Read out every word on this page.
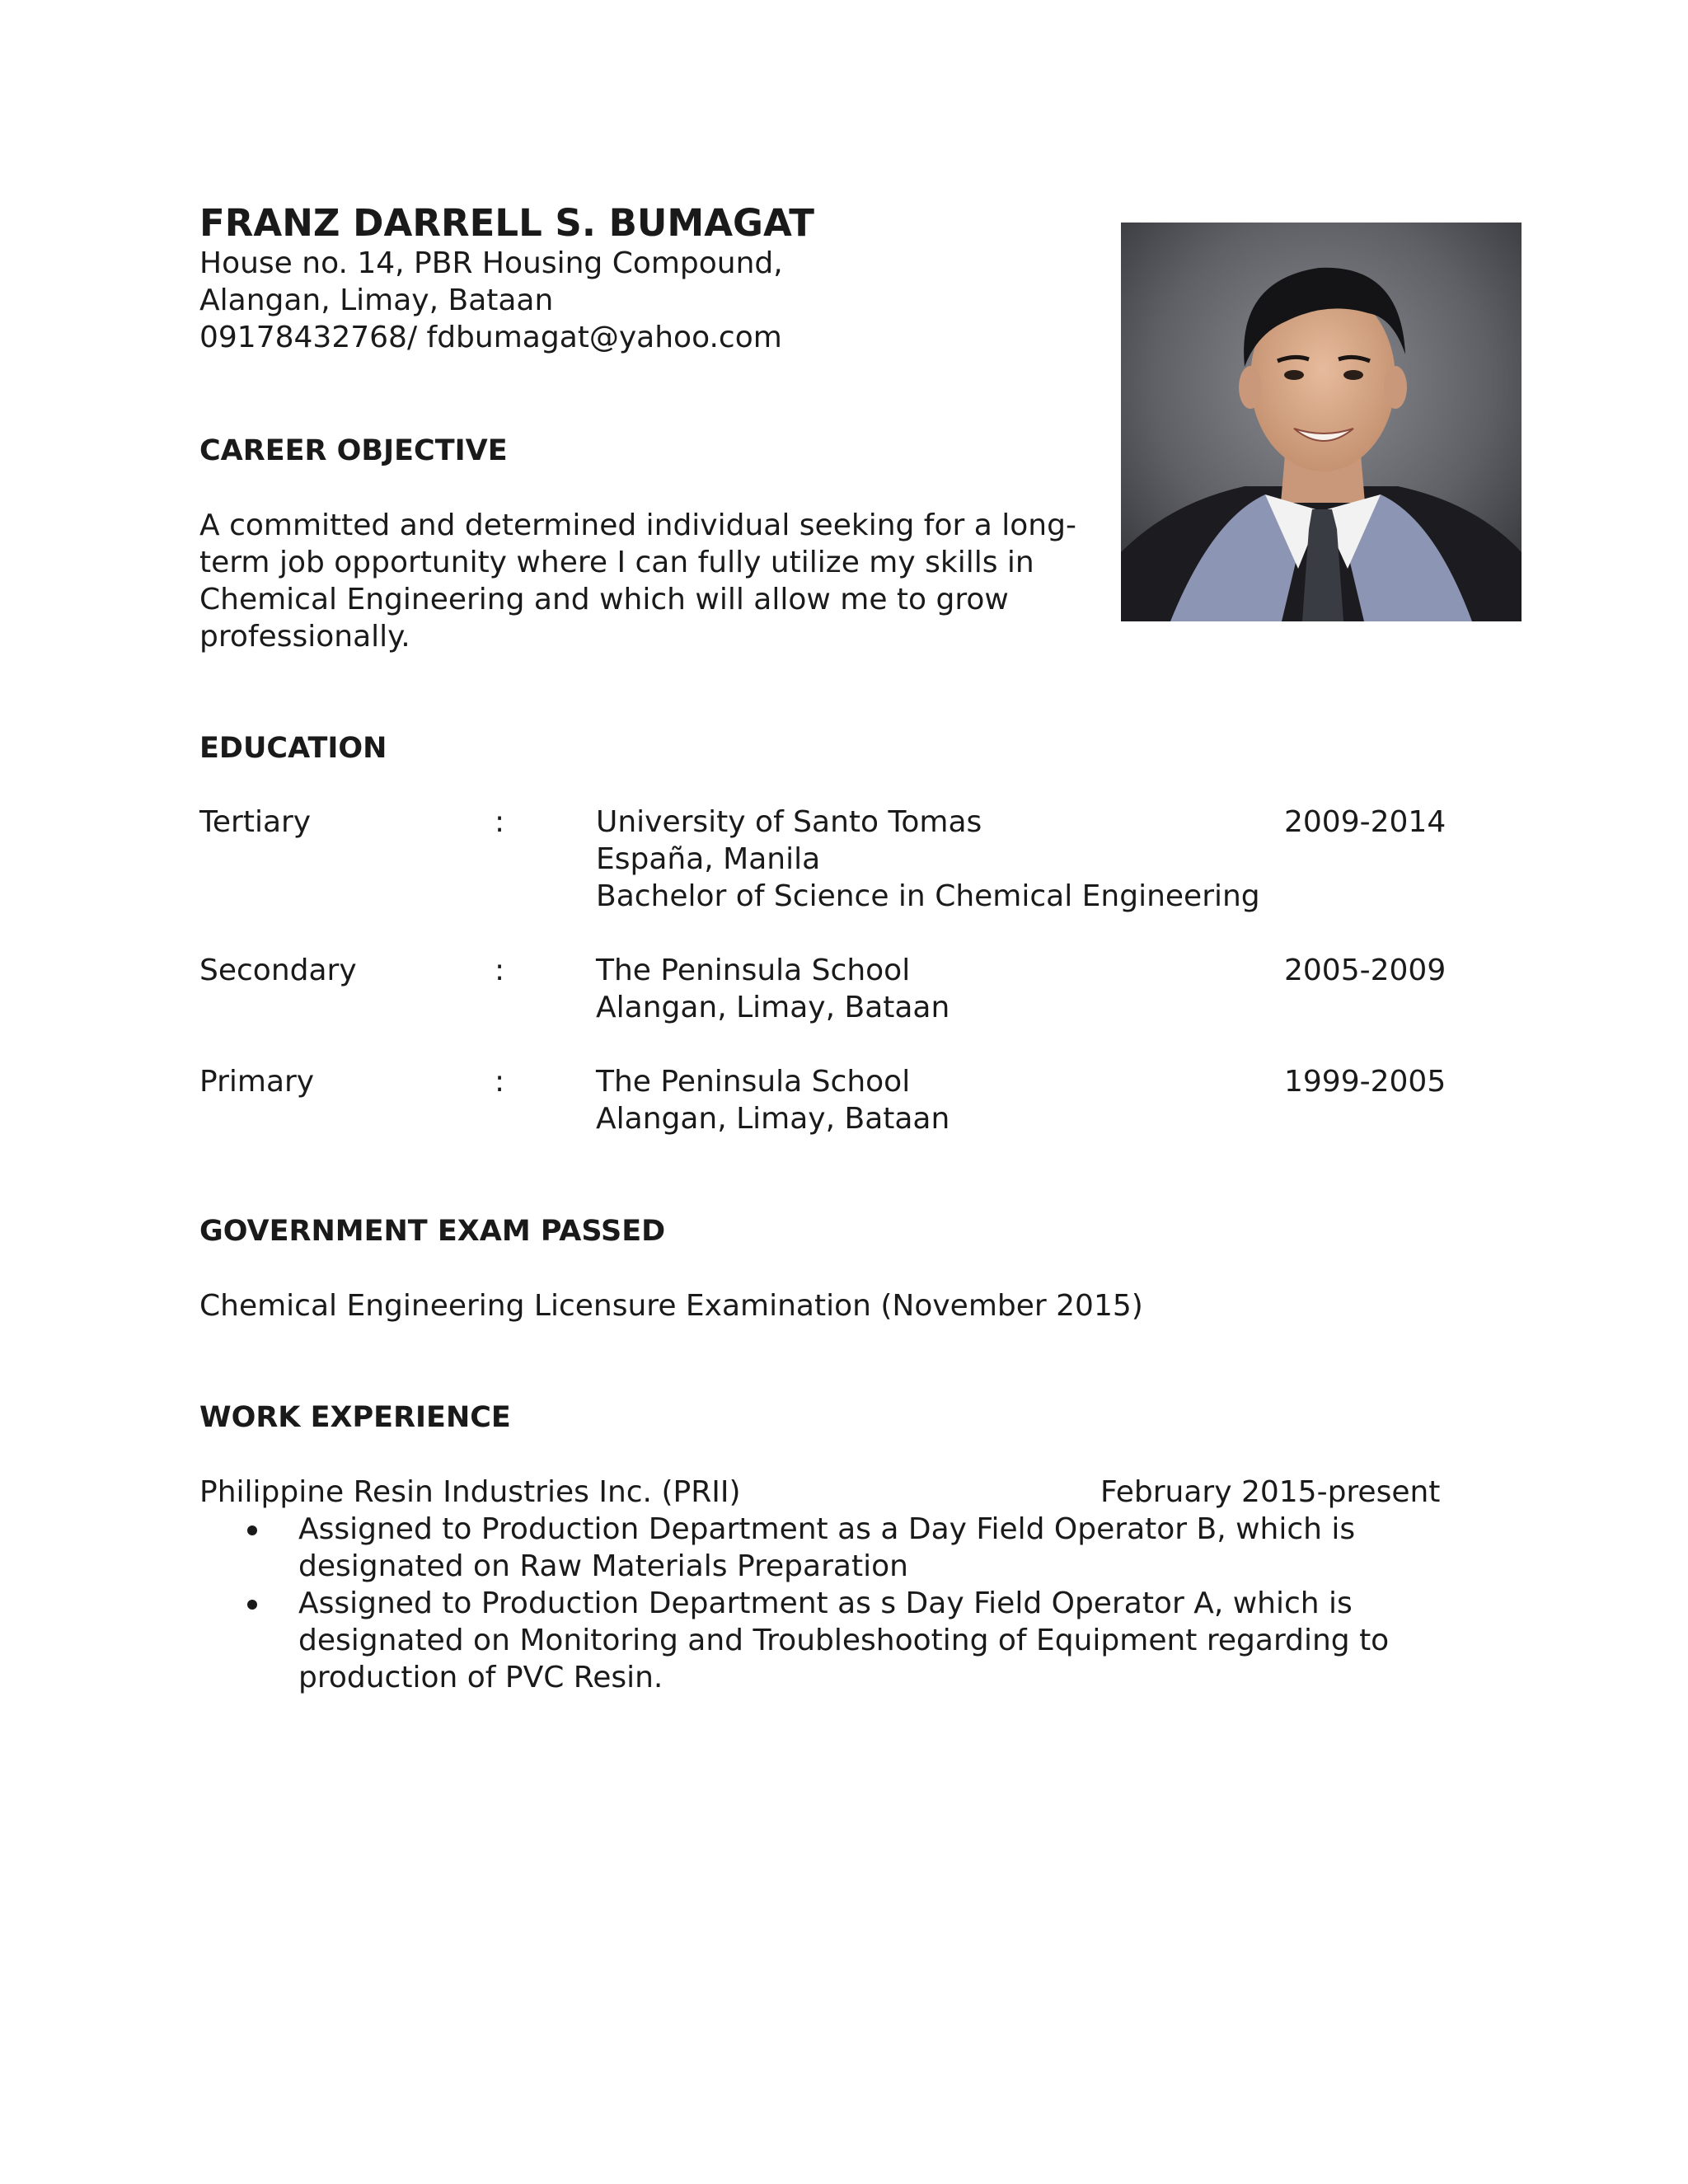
FRANZ DARRELL S. BUMAGAT
House no. 14, PBR Housing Compound,
Alangan, Limay, Bataan
09178432768/ fdbumagat@yahoo.com
CAREER OBJECTIVE
A committed and determined individual seeking for a long-
term job opportunity where I can fully utilize my skills in
Chemical Engineering and which will allow me to grow
professionally.
EDUCATION
Tertiary	:	University of Santo Tomas
España, Manila
Bachelor of Science in Chemical Engineering
2009-2014
Secondary	:	The Peninsula School
Alangan, Limay, Bataan
2005-2009
Primary	:	The Peninsula School
Alangan, Limay, Bataan
1999-2005
GOVERNMENT EXAM PASSED
Chemical Engineering Licensure Examination (November 2015)
WORK EXPERIENCE
Philippine Resin Industries Inc. (PRII)	February 2015-present
Assigned to Production Department as a Day Field Operator B, which is
designated on Raw Materials Preparation
Assigned to Production Department as s Day Field Operator A, which is
designated on Monitoring and Troubleshooting of Equipment regarding to
production of PVC Resin.
